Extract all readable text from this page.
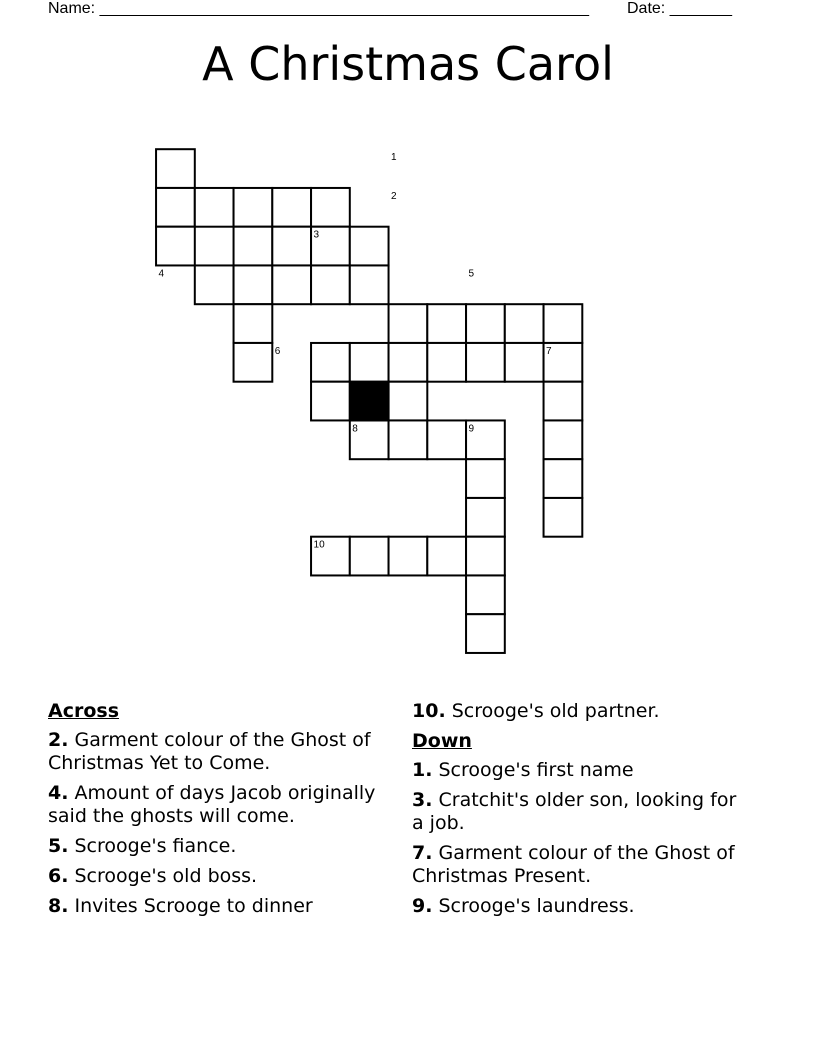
Name: _______________________________________________________ Date: _______
A Christmas Carol
1
2
3
4	5
6	7
8	9
10
Across
2. Garment colour of the Ghost of Christmas Yet to Come.
4. Amount of days Jacob originally said the ghosts will come.
5. Scrooge's fiance.
6. Scrooge's old boss.
8. Invites Scrooge to dinner
10. Scrooge's old partner.
Down
1. Scrooge's first name
3. Cratchit's older son, looking for a job.
7. Garment colour of the Ghost of Christmas Present.
9. Scrooge's laundress.
